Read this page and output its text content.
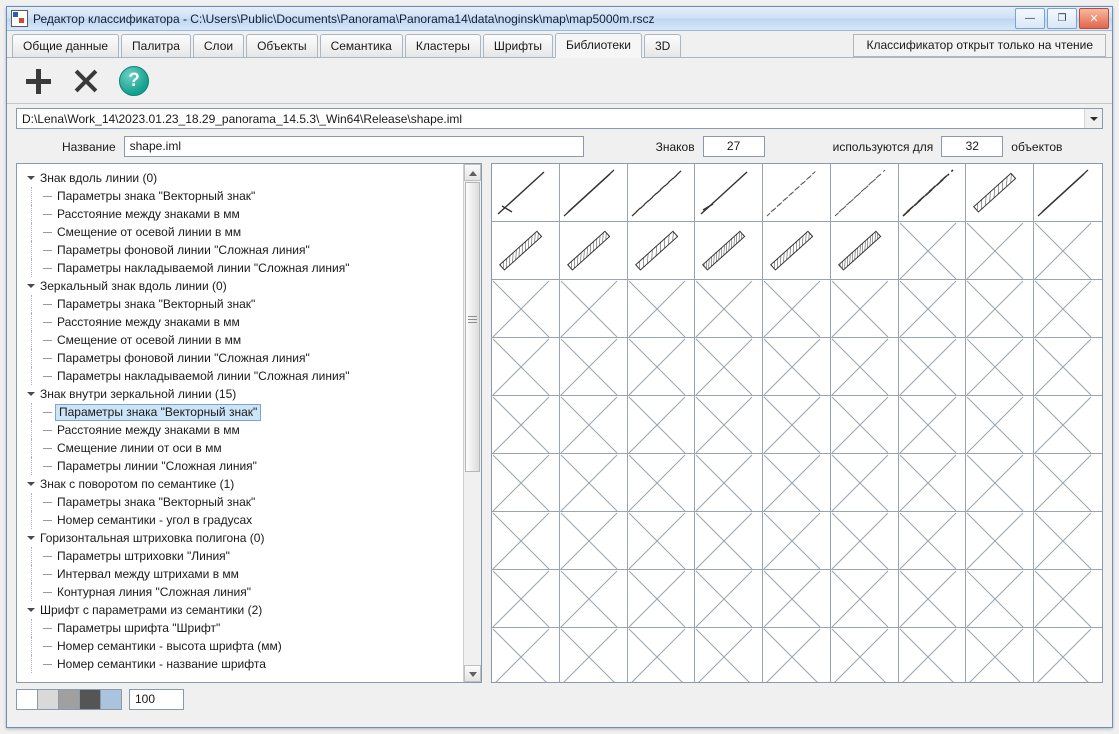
Редактор классификатора - C:\Users\Public\Documents\Panorama\Panorama14\data\noginsk\map\map5000m.rscz	—	❐	✕
Общие данные	Палитра	Слои	Объекты	Семантика	Кластеры	Шрифты	Библиотеки	3D	Классификатор открыт только на чтение
?
D:\Lena\Work_14\2023.01.23_18.29_panorama_14.5.3\_Win64\Release\shape.iml
Название	shape.iml	Знаков	27	используются для	32	объектов
Знак вдоль линии (0)
Параметры знака "Векторный знак"
Расстояние между знаками в мм
Смещение от осевой линии в мм
Параметры фоновой линии "Сложная линия"
Параметры накладываемой линии "Сложная линия"
Зеркальный знак вдоль линии (0)
Параметры знака "Векторный знак"
Расстояние между знаками в мм
Смещение от осевой линии в мм
Параметры фоновой линии "Сложная линия"
Параметры накладываемой линии "Сложная линия"
Знак внутри зеркальной линии (15)
Параметры знака "Векторный знак"
Расстояние между знаками в мм
Смещение линии от оси в мм
Параметры линии "Сложная линия"
Знак с поворотом по семантике (1)
Параметры знака "Векторный знак"
Номер семантики - угол в градусах
Горизонтальная штриховка полигона (0)
Параметры штриховки "Линия"
Интервал между штрихами в мм
Контурная линия "Сложная линия"
Шрифт с параметрами из семантики (2)
Параметры шрифта "Шрифт"
Номер семантики - высота шрифта (мм)
Номер семантики - название шрифта
100
